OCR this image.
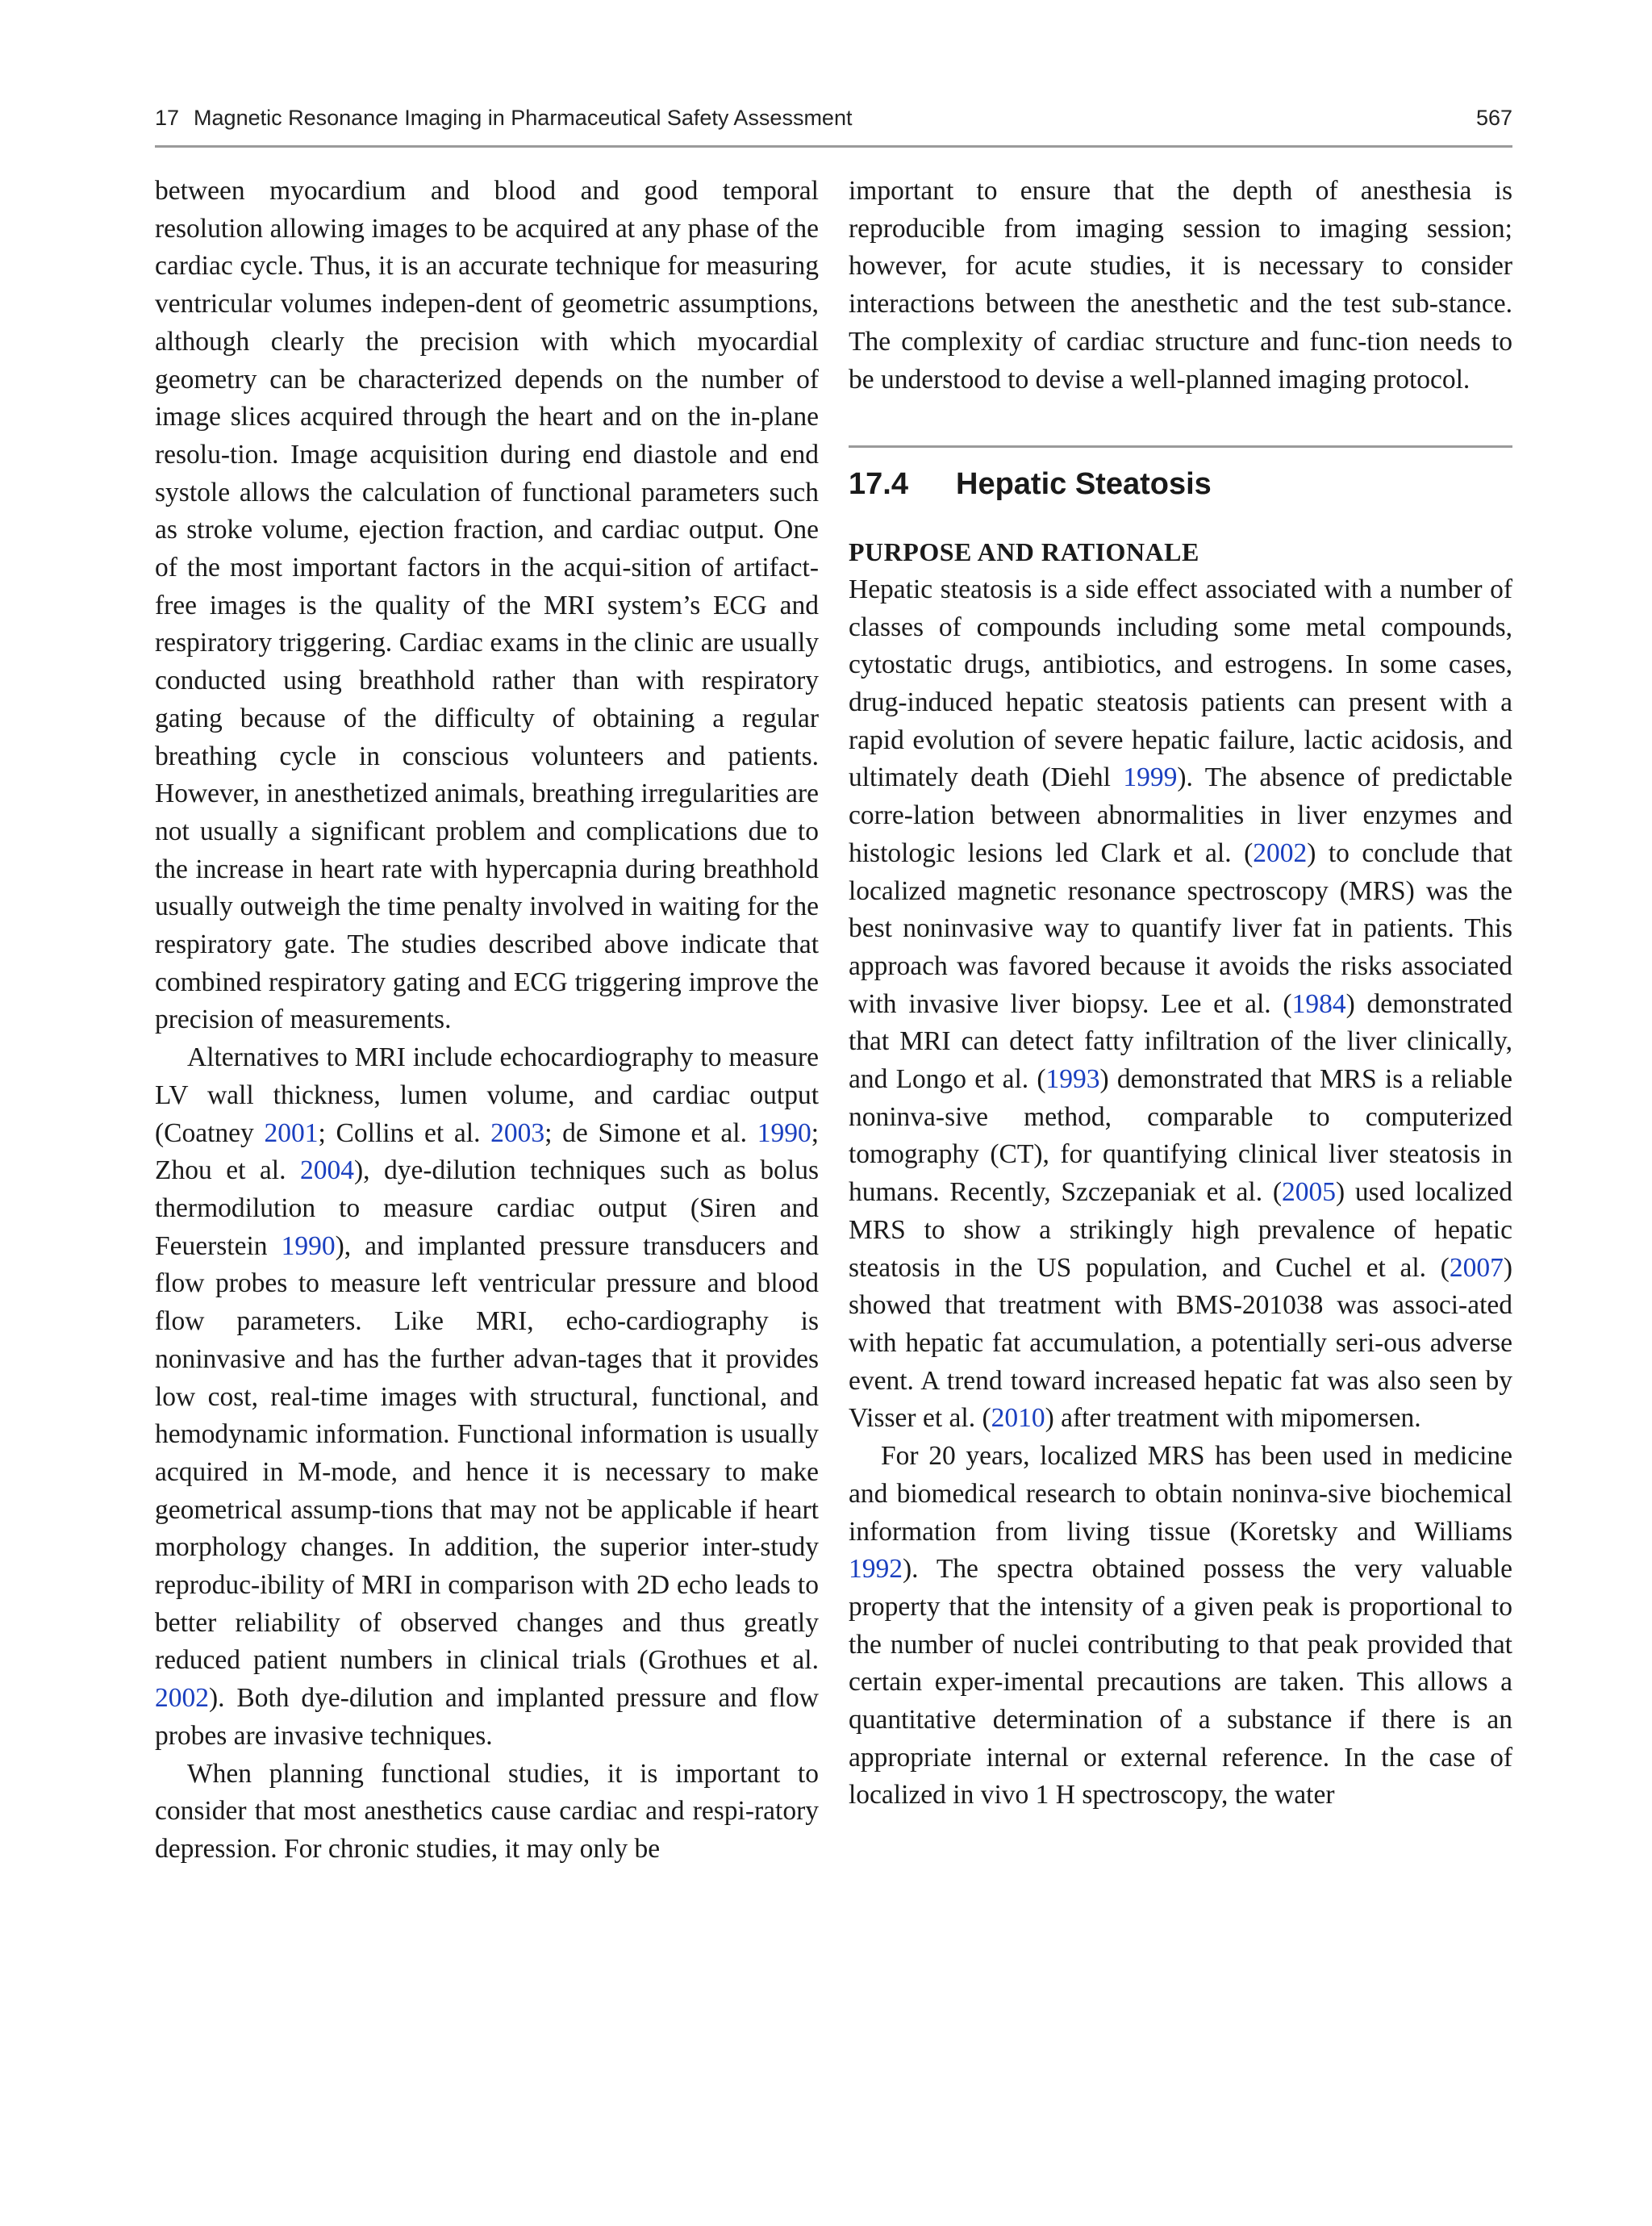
17 Magnetic Resonance Imaging in Pharmaceutical Safety Assessment	567

between myocardium and blood and good temporal resolution allowing images to be acquired at any phase of the cardiac cycle. Thus, it is an accurate technique for measuring ventricular volumes indepen-dent of geometric assumptions, although clearly the precision with which myocardial geometry can be characterized depends on the number of image slices acquired through the heart and on the in-plane resolu-tion. Image acquisition during end diastole and end systole allows the calculation of functional parameters such as stroke volume, ejection fraction, and cardiac output. One of the most important factors in the acqui-sition of artifact-free images is the quality of the MRI system’s ECG and respiratory triggering. Cardiac exams in the clinic are usually conducted using breathhold rather than with respiratory gating because of the difficulty of obtaining a regular breathing cycle in conscious volunteers and patients. However, in anesthetized animals, breathing irregularities are not usually a significant problem and complications due to the increase in heart rate with hypercapnia during breathhold usually outweigh the time penalty involved in waiting for the respiratory gate. The studies described above indicate that combined respiratory gating and ECG triggering improve the precision of measurements.

Alternatives to MRI include echocardiography to measure LV wall thickness, lumen volume, and cardiac output (Coatney 2001; Collins et al. 2003; de Simone et al. 1990; Zhou et al. 2004), dye-dilution techniques such as bolus thermodilution to measure cardiac output (Siren and Feuerstein 1990), and implanted pressure transducers and flow probes to measure left ventricular pressure and blood flow parameters. Like MRI, echo-cardiography is noninvasive and has the further advan-tages that it provides low cost, real-time images with structural, functional, and hemodynamic information. Functional information is usually acquired in M-mode, and hence it is necessary to make geometrical assump-tions that may not be applicable if heart morphology changes. In addition, the superior inter-study reproduc-ibility of MRI in comparison with 2D echo leads to better reliability of observed changes and thus greatly reduced patient numbers in clinical trials (Grothues et al. 2002). Both dye-dilution and implanted pressure and flow probes are invasive techniques.

When planning functional studies, it is important to consider that most anesthetics cause cardiac and respi-ratory depression. For chronic studies, it may only be

important to ensure that the depth of anesthesia is reproducible from imaging session to imaging session; however, for acute studies, it is necessary to consider interactions between the anesthetic and the test sub-stance. The complexity of cardiac structure and func-tion needs to be understood to devise a well-planned imaging protocol.

17.4 Hepatic Steatosis
PURPOSE AND RATIONALE

Hepatic steatosis is a side effect associated with a number of classes of compounds including some metal compounds, cytostatic drugs, antibiotics, and estrogens. In some cases, drug-induced hepatic steatosis patients can present with a rapid evolution of severe hepatic failure, lactic acidosis, and ultimately death (Diehl 1999). The absence of predictable corre-lation between abnormalities in liver enzymes and histologic lesions led Clark et al. (2002) to conclude that localized magnetic resonance spectroscopy (MRS) was the best noninvasive way to quantify liver fat in patients. This approach was favored because it avoids the risks associated with invasive liver biopsy. Lee et al. (1984) demonstrated that MRI can detect fatty infiltration of the liver clinically, and Longo et al. (1993) demonstrated that MRS is a reliable noninva-sive method, comparable to computerized tomography (CT), for quantifying clinical liver steatosis in humans. Recently, Szczepaniak et al. (2005) used localized MRS to show a strikingly high prevalence of hepatic steatosis in the US population, and Cuchel et al. (2007) showed that treatment with BMS-201038 was associ-ated with hepatic fat accumulation, a potentially seri-ous adverse event. A trend toward increased hepatic fat was also seen by Visser et al. (2010) after treatment with mipomersen.

For 20 years, localized MRS has been used in medicine and biomedical research to obtain noninva-sive biochemical information from living tissue (Koretsky and Williams 1992). The spectra obtained possess the very valuable property that the intensity of a given peak is proportional to the number of nuclei contributing to that peak provided that certain exper-imental precautions are taken. This allows a quantitative determination of a substance if there is an appropriate internal or external reference. In the case of localized in vivo 1 H spectroscopy, the water
